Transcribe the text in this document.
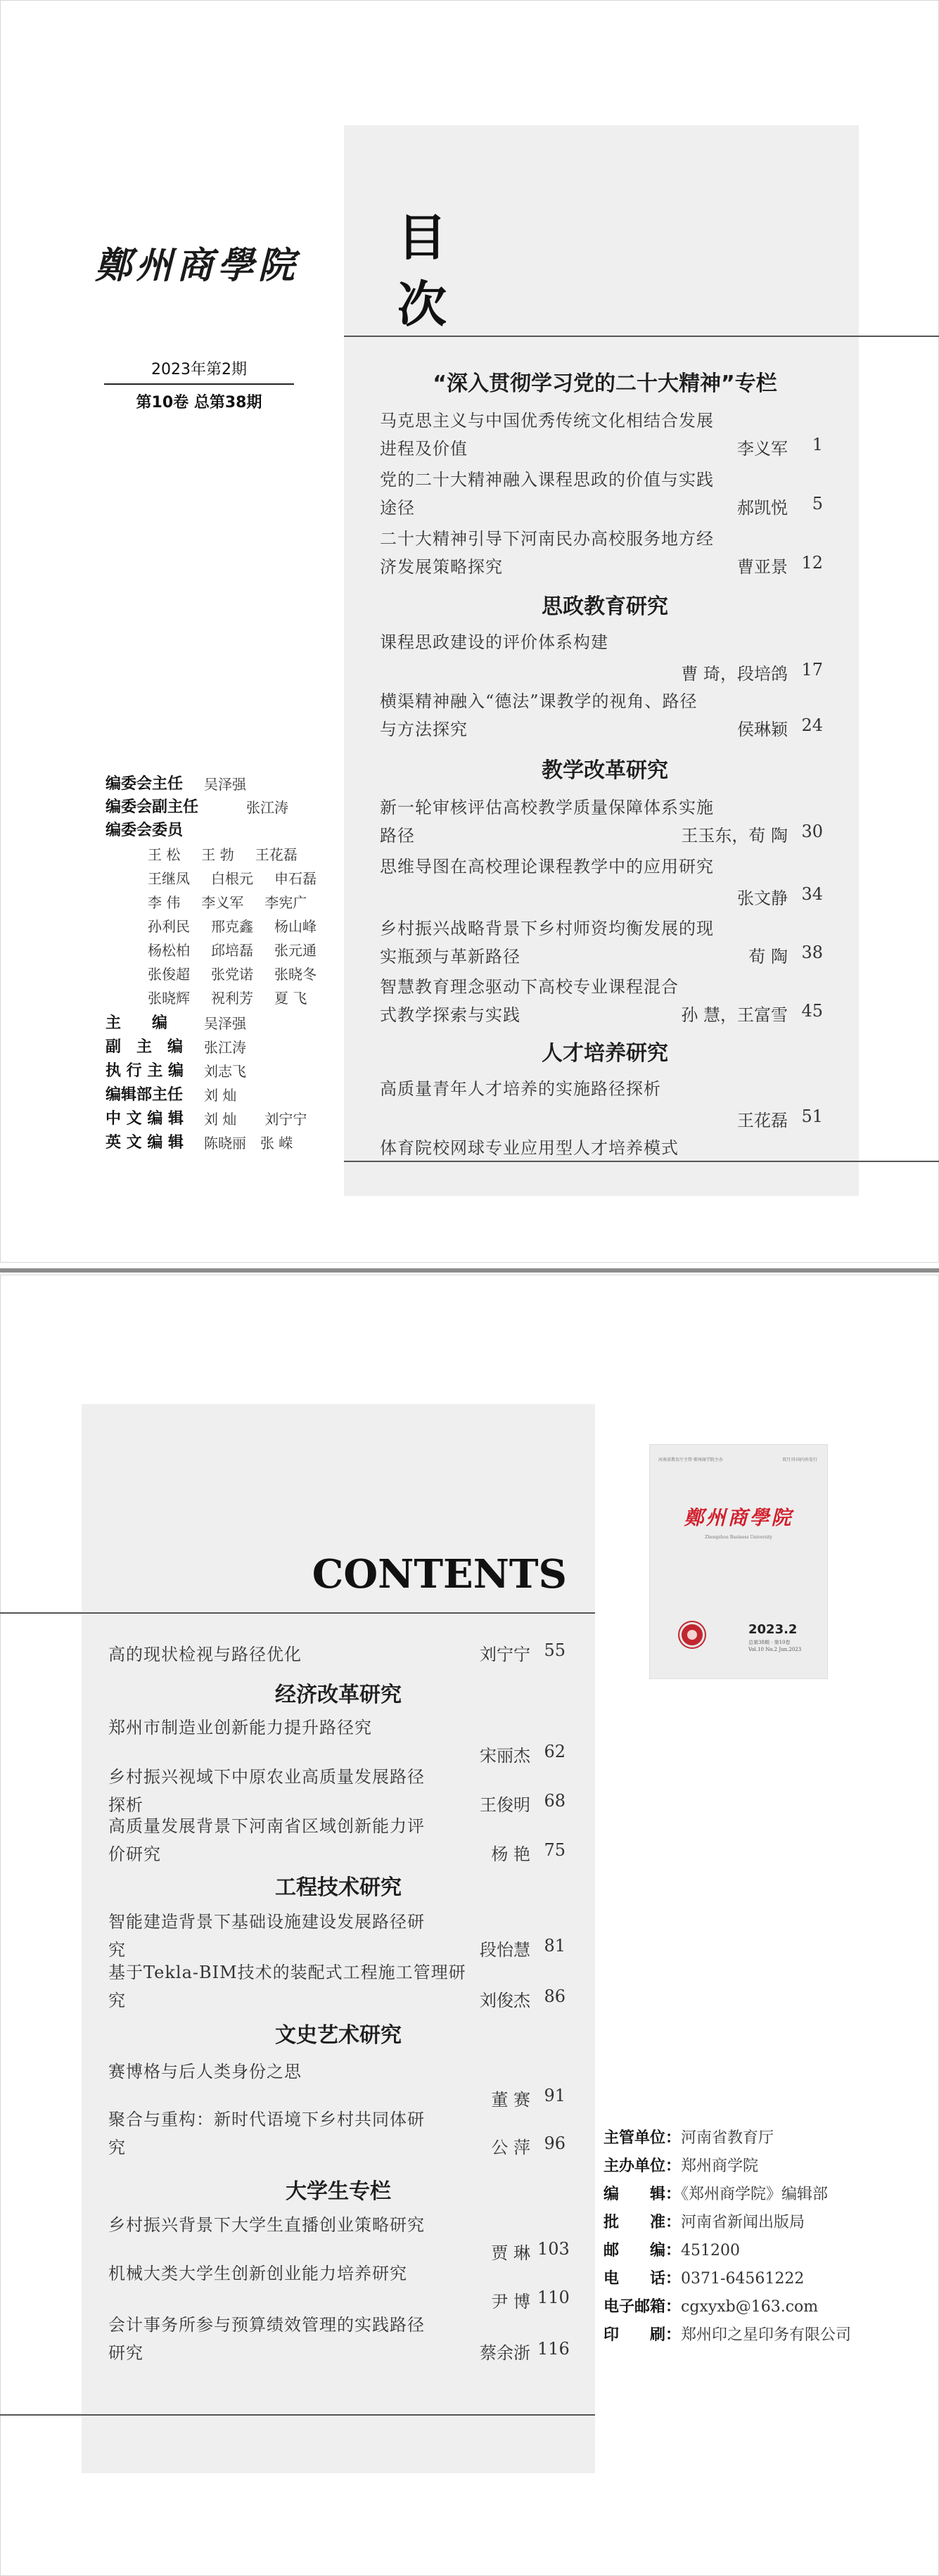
鄭州商學院 目
次
2023年第2期
第10卷 总第38期
“深入贯彻学习党的二十大精神”专栏
马克思主义与中国优秀传统文化相结合发展
进程及价值	李义军	1
党的二十大精神融入课程思政的价值与实践
途径	郝凯悦	5
二十大精神引导下河南民办高校服务地方经
济发展策略探究	曹亚景 12
思政教育研究
课程思政建设的评价体系构建
曹 琦，段培鸽 17
横渠精神融入“德法”课教学的视角、路径
与方法探究	侯琳颖 24
教学改革研究
新一轮审核评估高校教学质量保障体系实施
路径	王玉东，荀 陶 30
思维导图在高校理论课程教学中的应用研究
张文静 34
乡村振兴战略背景下乡村师资均衡发展的现
实瓶颈与革新路径	荀 陶 38
智慧教育理念驱动下高校专业课程混合
式教学探索与实践	孙 慧，王富雪 45
人才培养研究
高质量青年人才培养的实施路径探析
王花磊 51
体育院校网球专业应用型人才培养模式
编委会主任 吴泽强
编委会副主任	张江涛
编委会委员
王 松 王 勃 王花磊
王继凤 白根元 申石磊
李 伟 李义军 李宪广
孙利民 邢克鑫 杨山峰
杨松柏 邱培磊 张元通
张俊超 张党诺 张晓冬
张晓辉 祝利芳 夏 飞
主　　编	吴泽强
副　主　编 张江涛
执 行 主 编 刘志飞
编辑部主任 刘 灿
中 文 编 辑 刘 灿　　刘宁宁
英 文 编 辑 陈晓丽　张 嵘
CONTENTS
高的现状检视与路径优化	刘宁宁 55
经济改革研究
郑州市制造业创新能力提升路径究
宋丽杰 62
乡村振兴视域下中原农业高质量发展路径
探析	王俊明 68
高质量发展背景下河南省区域创新能力评
价研究	杨 艳 75
工程技术研究
智能建造背景下基础设施建设发展路径研
究	段怡慧 81
基于Tekla-BIM技术的装配式工程施工管理研
究	刘俊杰 86
文史艺术研究
赛博格与后人类身份之思
董 赛 91
聚合与重构：新时代语境下乡村共同体研
究	公 萍 96
大学生专栏
乡村振兴背景下大学生直播创业策略研究
贾 琳 103
机械大类大学生创新创业能力培养研究
尹 博 110
会计事务所参与预算绩效管理的实践路径
研究	蔡余浙 116
河南省教育厅主管·郑州商学院主办	双月刊·国内外发行
鄭州商學院
Zhengzhou Business University
2023.2
总第38期 · 第10卷
Vol.10 No.2 Jun.2023
主管单位：河南省教育厅
主办单位：郑州商学院
编　　辑：《郑州商学院》编辑部
批　　准：河南省新闻出版局
邮　　编：451200
电　　话：0371-64561222
电子邮箱：cgxyxb@163.com
印　　刷：郑州印之星印务有限公司
